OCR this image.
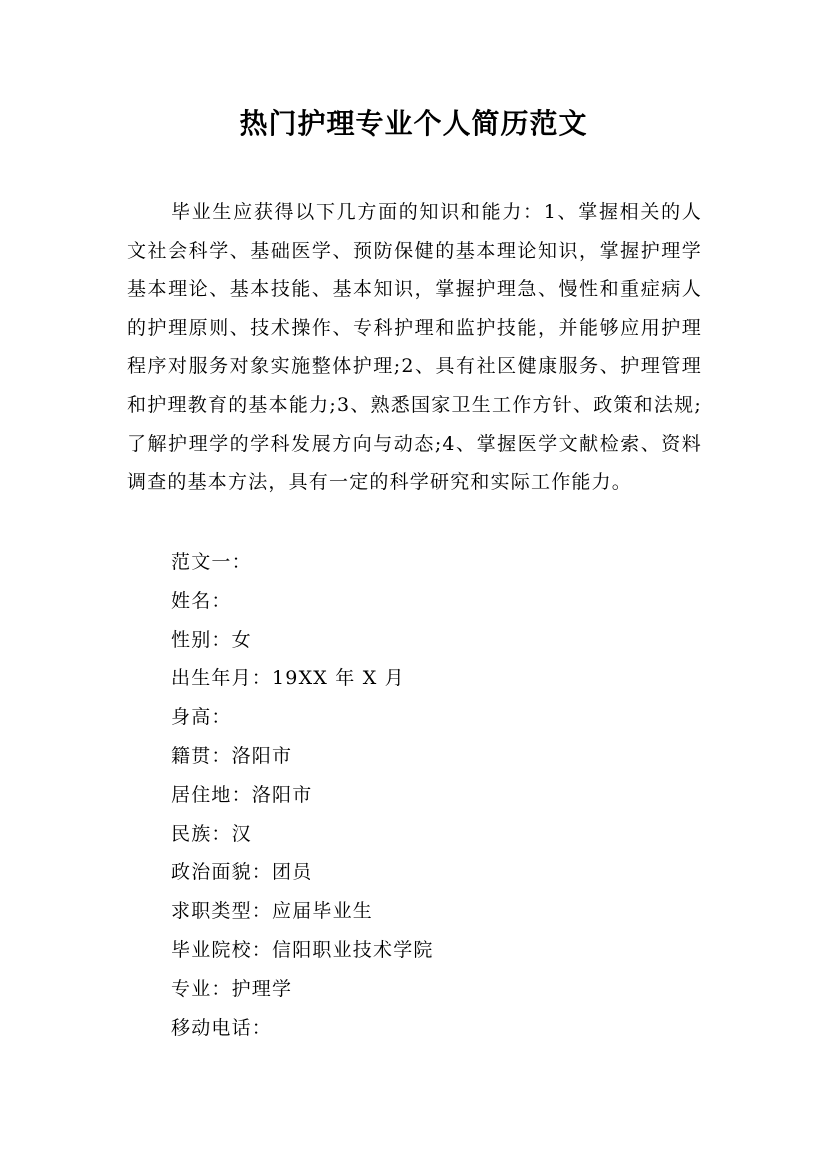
热门护理专业个人简历范文

毕业生应获得以下几方面的知识和能力：1、掌握相关的人文社会科学、基础医学、预防保健的基本理论知识，掌握护理学基本理论、基本技能、基本知识，掌握护理急、慢性和重症病人的护理原则、技术操作、专科护理和监护技能，并能够应用护理程序对服务对象实施整体护理;2、具有社区健康服务、护理管理和护理教育的基本能力;3、熟悉国家卫生工作方针、政策和法规;了解护理学的学科发展方向与动态;4、掌握医学文献检索、资料调查的基本方法，具有一定的科学研究和实际工作能力。

范文一：
姓名：
性别：女
出生年月：19XX 年 X 月
身高：
籍贯：洛阳市
居住地：洛阳市
民族：汉
政治面貌：团员
求职类型：应届毕业生
毕业院校：信阳职业技术学院
专业：护理学
移动电话：
